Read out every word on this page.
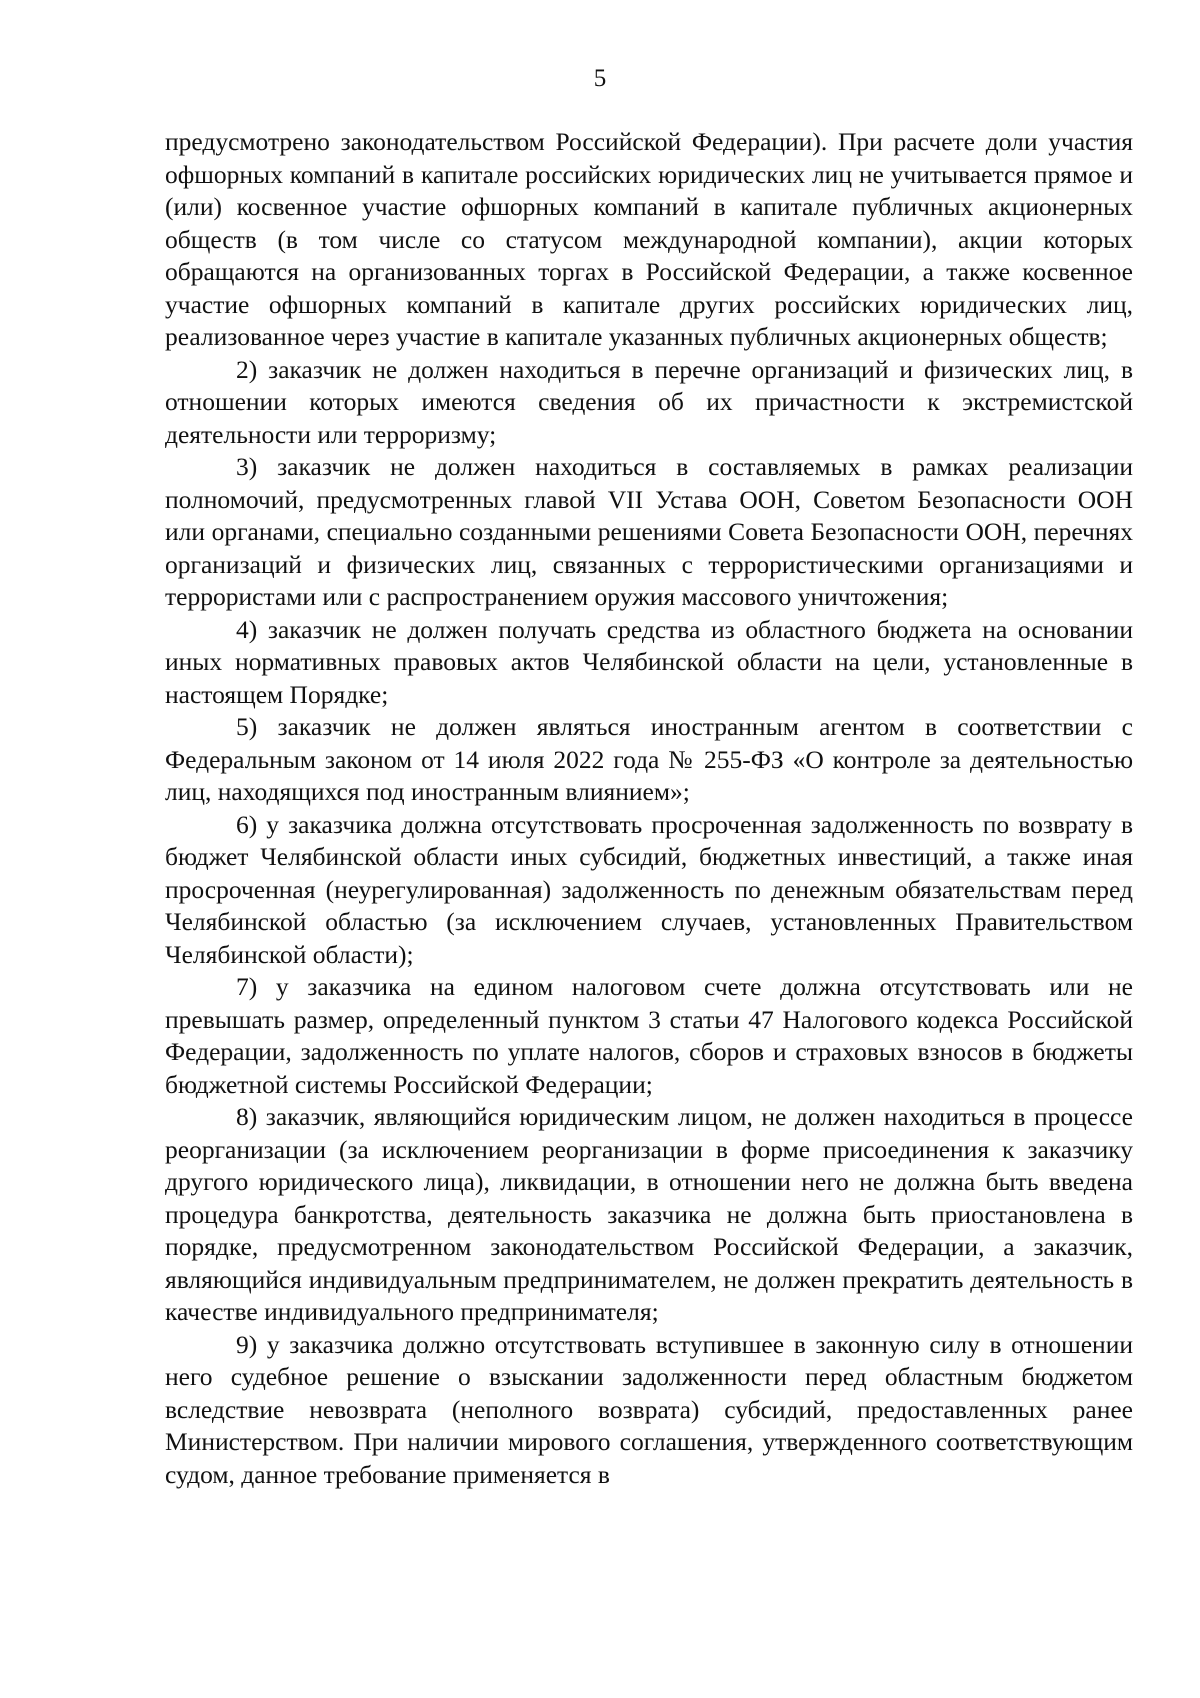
5

предусмотрено законодательством Российской Федерации). При расчете доли участия офшорных компаний в капитале российских юридических лиц не учитывается прямое и (или) косвенное участие офшорных компаний в капитале публичных акционерных обществ (в том числе со статусом международной компании), акции которых обращаются на организованных торгах в Российской Федерации, а также косвенное участие офшорных компаний в капитале других российских юридических лиц, реализованное через участие в капитале указанных публичных акционерных обществ;

2) заказчик не должен находиться в перечне организаций и физических лиц, в отношении которых имеются сведения об их причастности к экстремистской деятельности или терроризму;

3) заказчик не должен находиться в составляемых в рамках реализации полномочий, предусмотренных главой VII Устава ООН, Советом Безопасности ООН или органами, специально созданными решениями Совета Безопасности ООН, перечнях организаций и физических лиц, связанных с террористическими организациями и террористами или с распространением оружия массового уничтожения;

4) заказчик не должен получать средства из областного бюджета на основании иных нормативных правовых актов Челябинской области на цели, установленные в настоящем Порядке;

5) заказчик не должен являться иностранным агентом в соответствии с Федеральным законом от 14 июля 2022 года № 255-ФЗ «О контроле за деятельностью лиц, находящихся под иностранным влиянием»;

6) у заказчика должна отсутствовать просроченная задолженность по возврату в бюджет Челябинской области иных субсидий, бюджетных инвестиций, а также иная просроченная (неурегулированная) задолженность по денежным обязательствам перед Челябинской областью (за исключением случаев, установленных Правительством Челябинской области);

7) у заказчика на едином налоговом счете должна отсутствовать или не превышать размер, определенный пунктом 3 статьи 47 Налогового кодекса Российской Федерации, задолженность по уплате налогов, сборов и страховых взносов в бюджеты бюджетной системы Российской Федерации;

8) заказчик, являющийся юридическим лицом, не должен находиться в процессе реорганизации (за исключением реорганизации в форме присоединения к заказчику другого юридического лица), ликвидации, в отношении него не должна быть введена процедура банкротства, деятельность заказчика не должна быть приостановлена в порядке, предусмотренном законодательством Российской Федерации, а заказчик, являющийся индивидуальным предпринимателем, не должен прекратить деятельность в качестве индивидуального предпринимателя;

9) у заказчика должно отсутствовать вступившее в законную силу в отношении него судебное решение о взыскании задолженности перед областным бюджетом вследствие невозврата (неполного возврата) субсидий, предоставленных ранее Министерством. При наличии мирового соглашения, утвержденного соответствующим судом, данное требование применяется в
